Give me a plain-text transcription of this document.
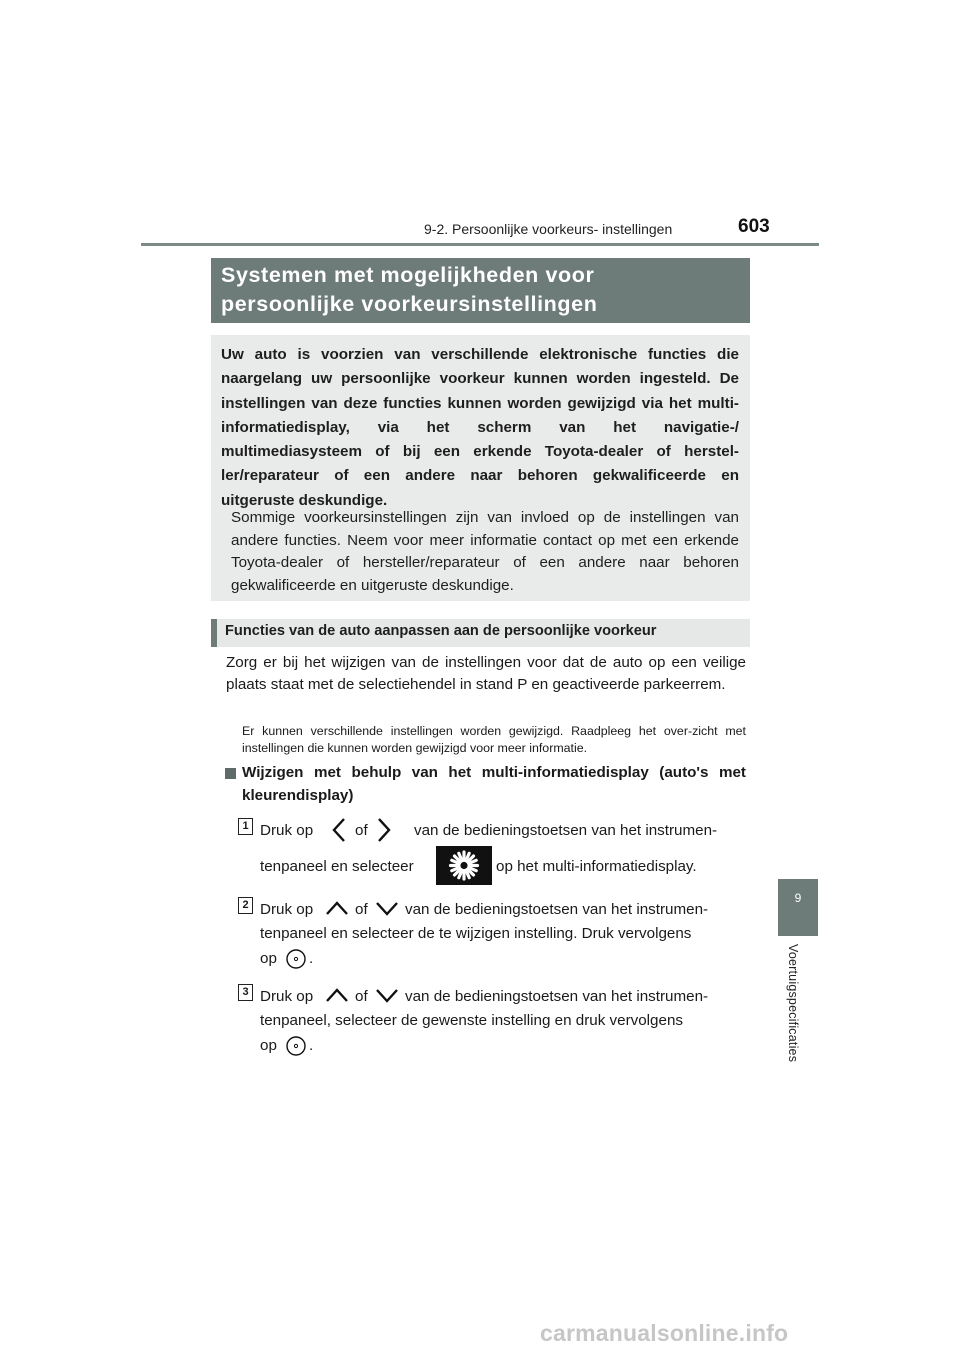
9-2. Persoonlijke voorkeurs- instellingen	603
Systemen met mogelijkheden voor
persoonlijke voorkeursinstellingen
Uw auto is voorzien van verschillende elektronische functies die naargelang uw persoonlijke voorkeur kunnen worden ingesteld. De instellingen van deze functies kunnen worden gewijzigd via het multi-informatiedisplay, via het scherm van het navigatie-/ multimediasysteem of bij een erkende Toyota-dealer of herstel-ler/reparateur of een andere naar behoren gekwalificeerde en uitgeruste deskundige.
Sommige voorkeursinstellingen zijn van invloed op de instellingen van andere functies. Neem voor meer informatie contact op met een erkende Toyota-dealer of hersteller/reparateur of een andere naar behoren gekwalificeerde en uitgeruste deskundige.
Functies van de auto aanpassen aan de persoonlijke voorkeur
Zorg er bij het wijzigen van de instellingen voor dat de auto op een veilige plaats staat met de selectiehendel in stand P en geactiveerde parkeerrem.
Er kunnen verschillende instellingen worden gewijzigd. Raadpleeg het over-zicht met instellingen die kunnen worden gewijzigd voor meer informatie.
Wijzigen met behulp van het multi-informatiedisplay (auto's met kleurendisplay)
1 Druk op	of	van de bedieningstoetsen van het instrumen-
tenpaneel en selecteer	op het multi-informatiedisplay.
2 Druk op	of van de bedieningstoetsen van het instrumen-
tenpaneel en selecteer de te wijzigen instelling. Druk vervolgens
op .
3 Druk op	of van de bedieningstoetsen van het instrumen-
tenpaneel, selecteer de gewenste instelling en druk vervolgens
op .
9
Voertuigspecificaties
carmanualsonline.info
